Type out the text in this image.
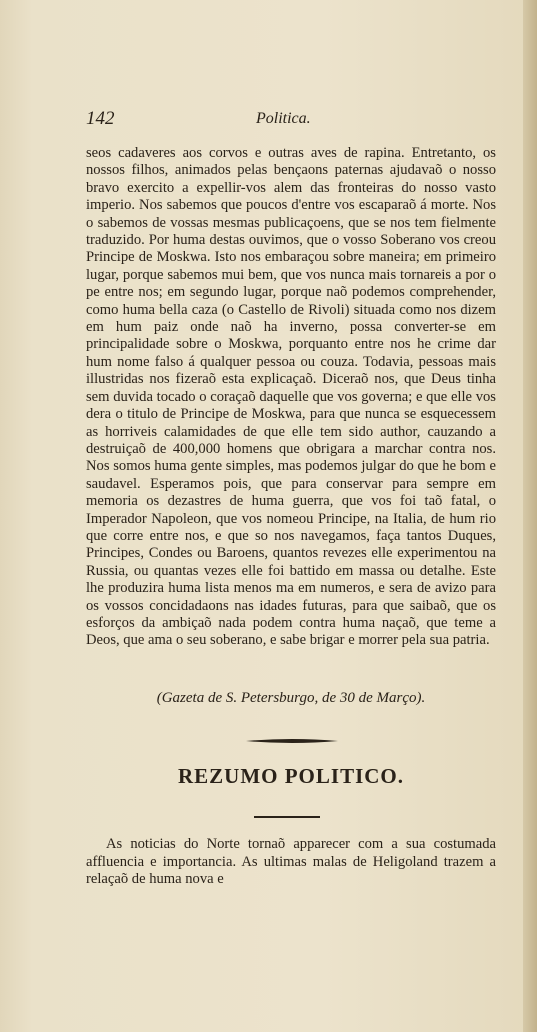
142	Politica.

seos cadaveres aos corvos e outras aves de rapina. Entretanto, os nossos filhos, animados pelas bençaons paternas ajudavaõ o nosso bravo exercito a expellir-vos alem das fronteiras do nosso vasto imperio. Nos sabemos que poucos d'entre vos escaparaõ á morte. Nos o sabemos de vossas mesmas publicaçoens, que se nos tem fielmente traduzido. Por huma destas ouvimos, que o vosso Soberano vos creou Principe de Moskwa. Isto nos embaraçou sobre maneira; em primeiro lugar, porque sabemos mui bem, que vos nunca mais tornareis a por o pe entre nos; em segundo lugar, porque naõ podemos comprehender, como huma bella caza (o Castello de Rivoli) situada como nos dizem em hum paiz onde naõ ha inverno, possa converter-se em principalidade sobre o Moskwa, porquanto entre nos he crime dar hum nome falso á qualquer pessoa ou couza. Todavia, pessoas mais illustridas nos fizeraõ esta explicaçaõ. Diceraõ nos, que Deus tinha sem duvida tocado o coraçaõ daquelle que vos governa; e que elle vos dera o titulo de Principe de Moskwa, para que nunca se esquecessem as horriveis calamidades de que elle tem sido author, cauzando a destruiçaõ de 400,000 homens que obrigara a marchar contra nos. Nos somos huma gente simples, mas podemos julgar do que he bom e saudavel. Esperamos pois, que para conservar para sempre em memoria os dezastres de huma guerra, que vos foi taõ fatal, o Imperador Napoleon, que vos nomeou Principe, na Italia, de hum rio que corre entre nos, e que so nos navegamos, faça tantos Duques, Principes, Condes ou Baroens, quantos revezes elle experimentou na Russia, ou quantas vezes elle foi battido em massa ou detalhe. Este lhe produzira huma lista menos ma em numeros, e sera de avizo para os vossos concidadaons nas idades futuras, para que saibaõ, que os esforços da ambiçaõ nada podem contra huma naçaõ, que teme a Deos, que ama o seu soberano, e sabe brigar e morrer pela sua patria.

(Gazeta de S. Petersburgo, de 30 de Março).
REZUMO POLITICO.

As noticias do Norte tornaõ apparecer com a sua costumada affluencia e importancia. As ultimas malas de Heligoland trazem a relaçaõ de huma nova e
